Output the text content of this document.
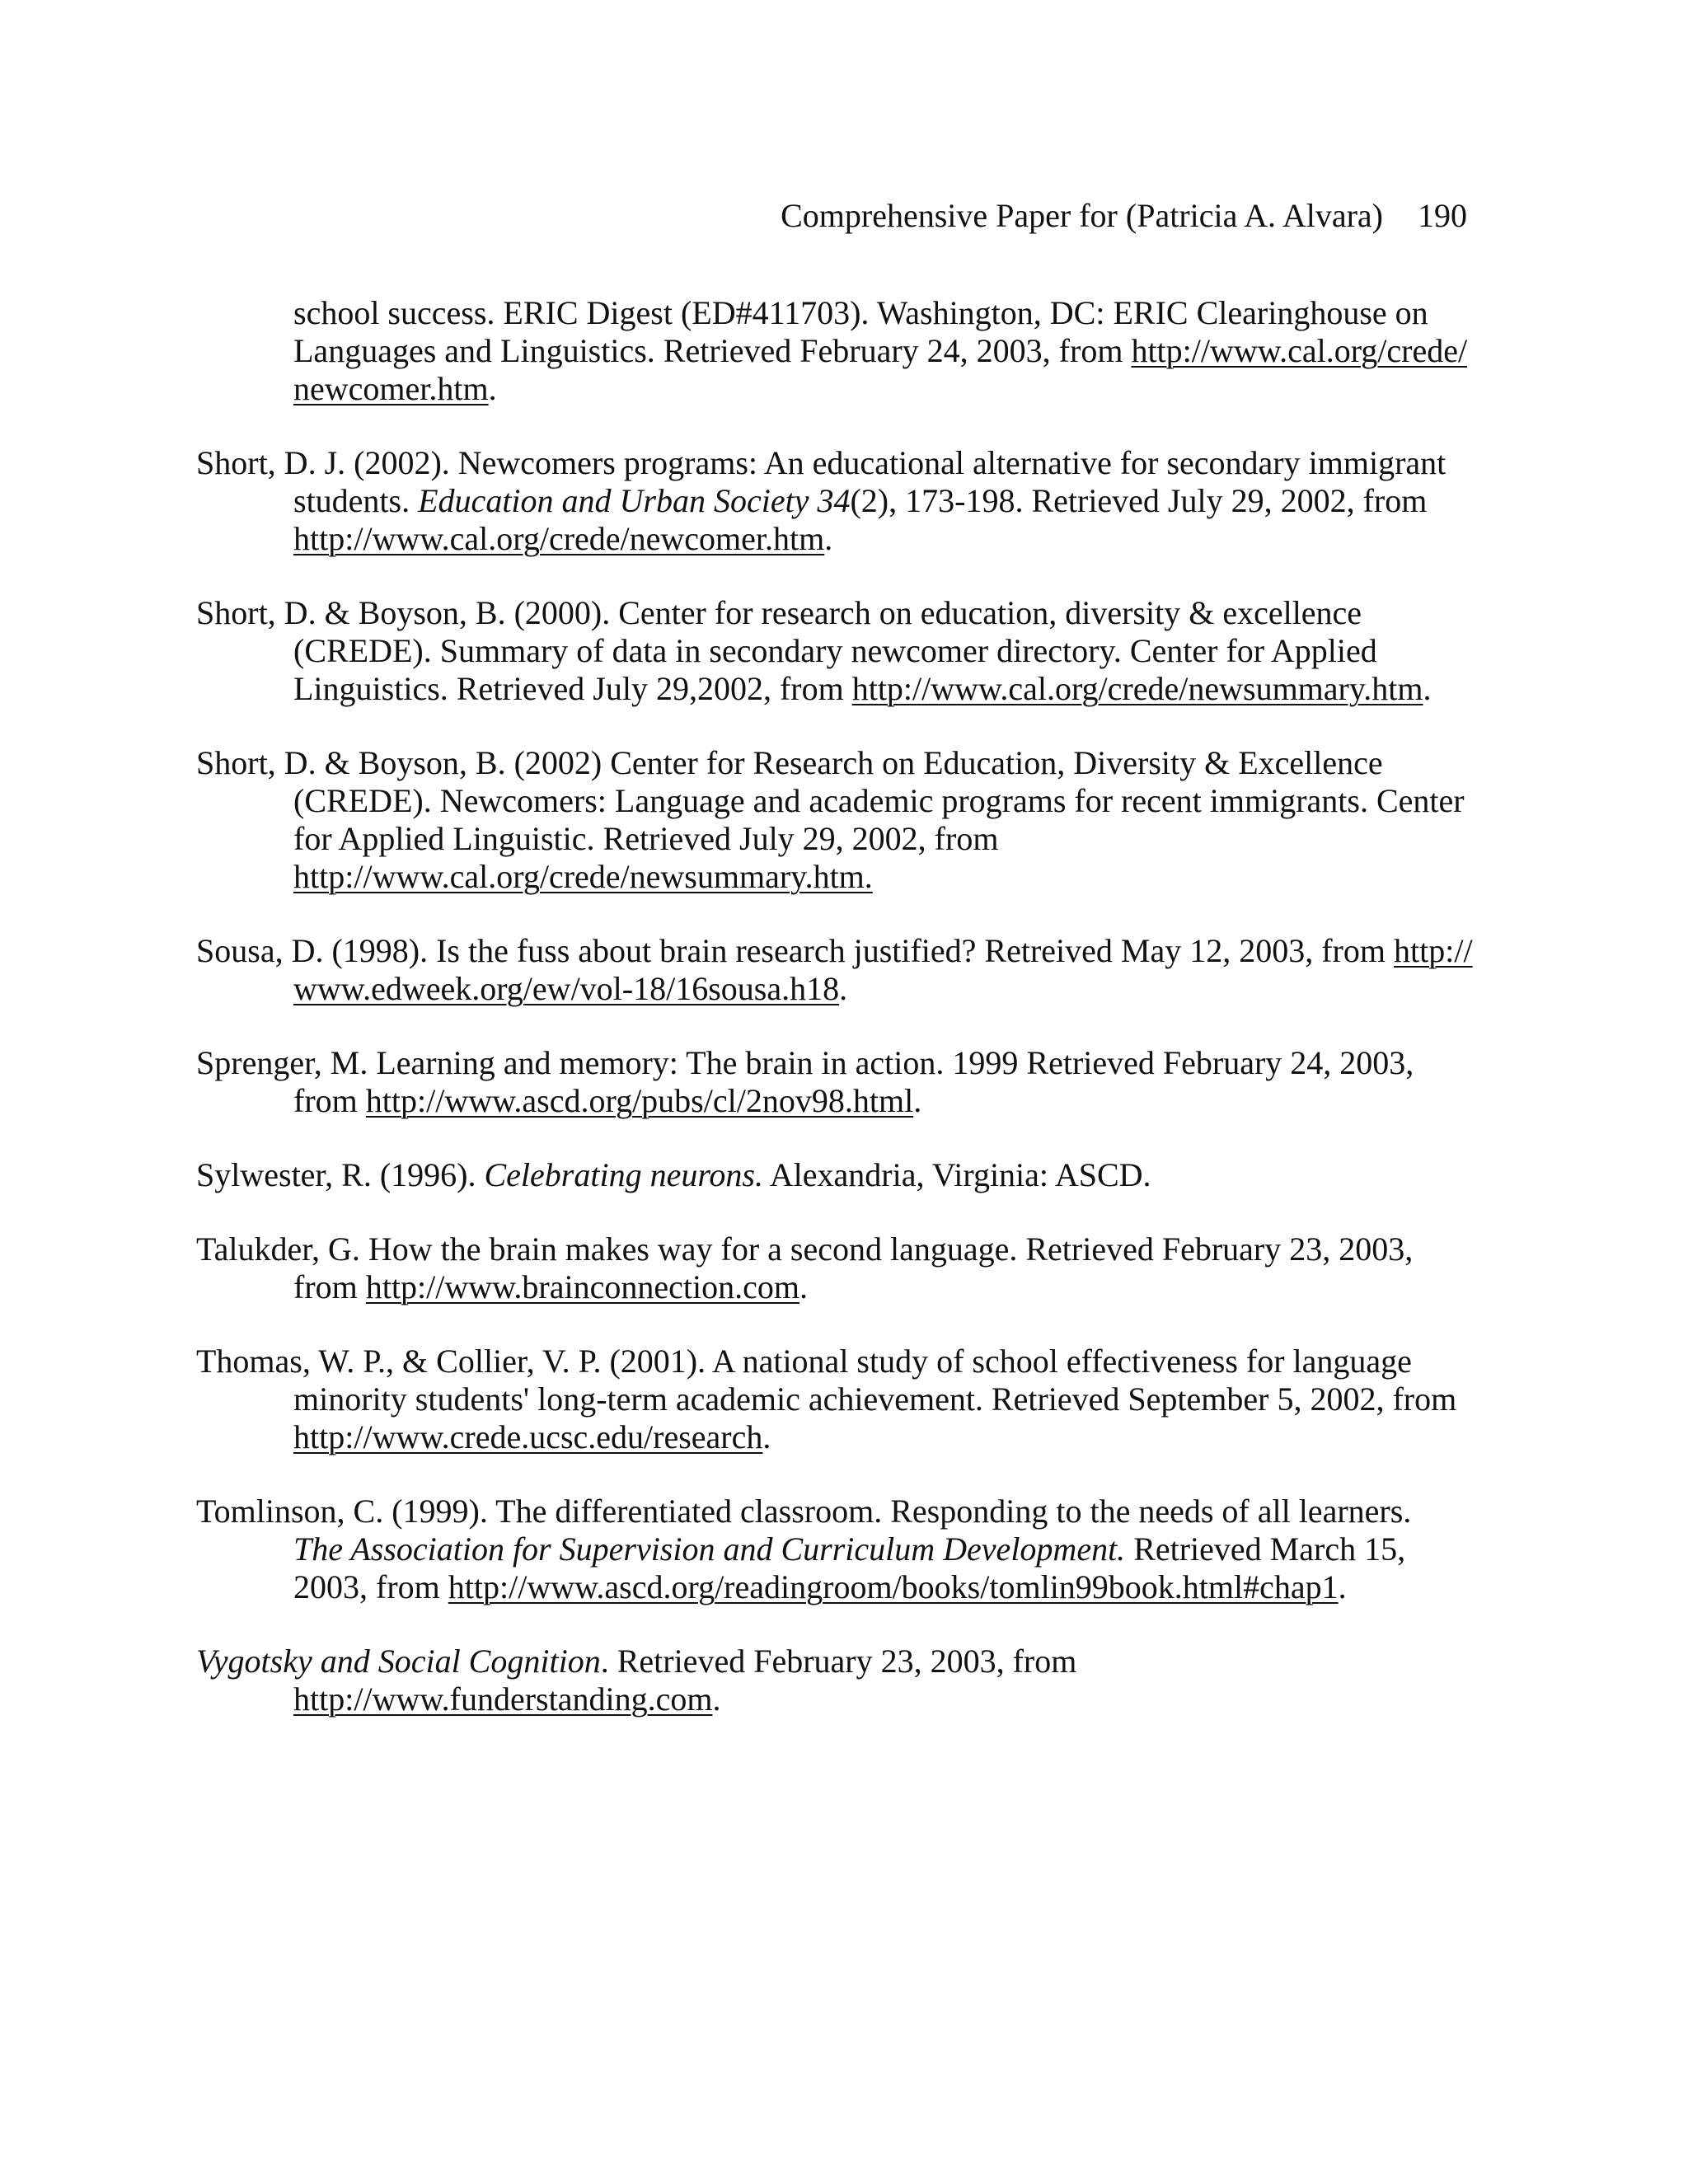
Comprehensive Paper for (Patricia A. Alvara) 190
school success. ERIC Digest (ED#411703). Washington, DC: ERIC Clearinghouse on
Languages and Linguistics. Retrieved February 24, 2003, from http://www.cal.org/crede/
newcomer.htm.
Short, D. J. (2002). Newcomers programs: An educational alternative for secondary immigrant
students. Education and Urban Society 34(2), 173-198. Retrieved July 29, 2002, from
http://www.cal.org/crede/newcomer.htm.
Short, D. & Boyson, B. (2000). Center for research on education, diversity & excellence
(CREDE). Summary of data in secondary newcomer directory. Center for Applied
Linguistics. Retrieved July 29,2002, from http://www.cal.org/crede/newsummary.htm.
Short, D. & Boyson, B. (2002) Center for Research on Education, Diversity & Excellence
(CREDE). Newcomers: Language and academic programs for recent immigrants. Center
for Applied Linguistic. Retrieved July 29, 2002, from
http://www.cal.org/crede/newsummary.htm.
Sousa, D. (1998). Is the fuss about brain research justified? Retreived May 12, 2003, from http://
www.edweek.org/ew/vol-18/16sousa.h18.
Sprenger, M. Learning and memory: The brain in action. 1999 Retrieved February 24, 2003,
from http://www.ascd.org/pubs/cl/2nov98.html.
Sylwester, R. (1996). Celebrating neurons. Alexandria, Virginia: ASCD.
Talukder, G. How the brain makes way for a second language. Retrieved February 23, 2003,
from http://www.brainconnection.com.
Thomas, W. P., & Collier, V. P. (2001). A national study of school effectiveness for language
minority students' long-term academic achievement. Retrieved September 5, 2002, from
http://www.crede.ucsc.edu/research.
Tomlinson, C. (1999). The differentiated classroom. Responding to the needs of all learners.
The Association for Supervision and Curriculum Development. Retrieved March 15,
2003, from http://www.ascd.org/readingroom/books/tomlin99book.html#chap1.
Vygotsky and Social Cognition. Retrieved February 23, 2003, from
http://www.funderstanding.com.
